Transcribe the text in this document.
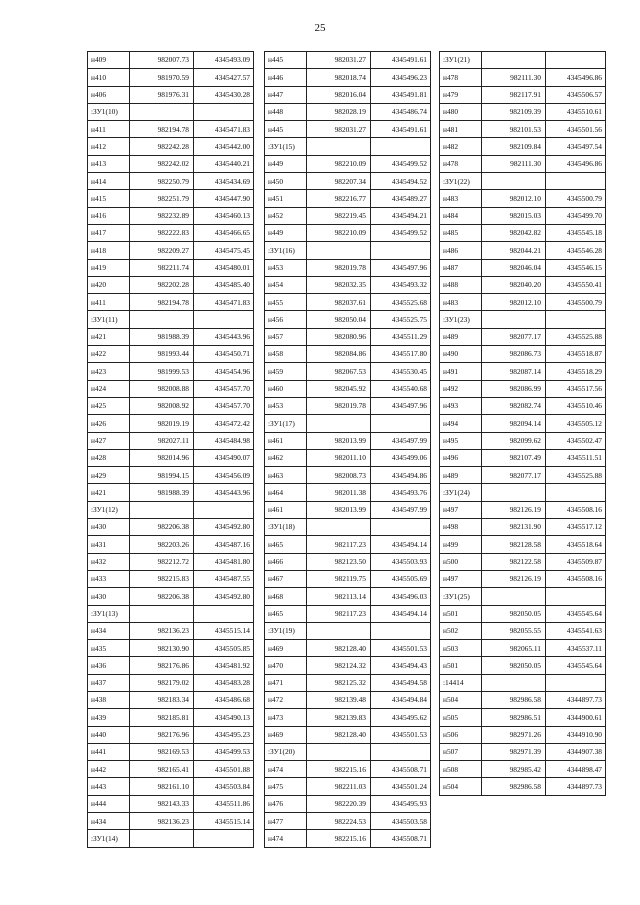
25
н409	982007.73	4345493.09
н410	981970.59	4345427.57
н406	981976.31	4345430.28
:ЗУ1(10)		
н411	982194.78	4345471.83
н412	982242.28	4345442.00
н413	982242.02	4345440.21
н414	982250.79	4345434.69
н415	982251.79	4345447.90
н416	982232.89	4345460.13
н417	982222.83	4345466.65
н418	982209.27	4345475.45
н419	982211.74	4345480.01
н420	982202.28	4345485.40
н411	982194.78	4345471.83
:ЗУ1(11)		
н421	981988.39	4345443.96
н422	981993.44	4345450.71
н423	981999.53	4345454.96
н424	982008.88	4345457.70
н425	982008.92	4345457.70
н426	982019.19	4345472.42
н427	982027.11	4345484.98
н428	982014.96	4345490.07
н429	981994.15	4345456.09
н421	981988.39	4345443.96
:ЗУ1(12)		
н430	982206.38	4345492.80
н431	982203.26	4345487.16
н432	982212.72	4345481.80
н433	982215.83	4345487.55
н430	982206.38	4345492.80
:ЗУ1(13)		
н434	982136.23	4345515.14
н435	982130.90	4345505.85
н436	982176.86	4345481.92
н437	982179.02	4345483.28
н438	982183.34	4345486.68
н439	982185.81	4345490.13
н440	982176.96	4345495.23
н441	982169.53	4345499.53
н442	982165.41	4345501.88
н443	982161.10	4345503.84
н444	982143.33	4345511.86
н434	982136.23	4345515.14
:ЗУ1(14)		
н445	982031.27	4345491.61
н446	982018.74	4345496.23
н447	982016.04	4345491.81
н448	982028.19	4345486.74
н445	982031.27	4345491.61
:ЗУ1(15)		
н449	982210.09	4345499.52
н450	982207.34	4345494.52
н451	982216.77	4345489.27
н452	982219.45	4345494.21
н449	982210.09	4345499.52
:ЗУ1(16)		
н453	982019.78	4345497.96
н454	982032.35	4345493.32
н455	982037.61	4345525.68
н456	982050.04	4345525.75
н457	982080.96	4345511.29
н458	982084.86	4345517.80
н459	982067.53	4345530.45
н460	982045.92	4345540.68
н453	982019.78	4345497.96
:ЗУ1(17)		
н461	982013.99	4345497.99
н462	982011.10	4345499.06
н463	982008.73	4345494.86
н464	982011.38	4345493.76
н461	982013.99	4345497.99
:ЗУ1(18)		
н465	982117.23	4345494.14
н466	982123.50	4345503.93
н467	982119.75	4345505.69
н468	982113.14	4345496.03
н465	982117.23	4345494.14
:ЗУ1(19)		
н469	982128.40	4345501.53
н470	982124.32	4345494.43
н471	982125.32	4345494.58
н472	982139.48	4345494.84
н473	982139.83	4345495.62
н469	982128.40	4345501.53
:ЗУ1(20)		
н474	982215.16	4345508.71
н475	982211.03	4345501.24
н476	982220.39	4345495.93
н477	982224.53	4345503.58
н474	982215.16	4345508.71
:ЗУ1(21)		
н478	982111.30	4345496.86
н479	982117.91	4345506.57
н480	982109.39	4345510.61
н481	982101.53	4345501.56
н482	982109.84	4345497.54
н478	982111.30	4345496.86
:ЗУ1(22)		
н483	982012.10	4345500.79
н484	982015.03	4345499.70
н485	982042.82	4345545.18
н486	982044.21	4345546.28
н487	982046.04	4345546.15
н488	982040.20	4345550.41
н483	982012.10	4345500.79
:ЗУ1(23)		
н489	982077.17	4345525.88
н490	982086.73	4345518.87
н491	982087.14	4345518.29
н492	982086.99	4345517.56
н493	982082.74	4345510.46
н494	982094.14	4345505.12
н495	982099.62	4345502.47
н496	982107.49	4345511.51
н489	982077.17	4345525.88
:ЗУ1(24)		
н497	982126.19	4345508.16
н498	982131.90	4345517.12
н499	982128.58	4345518.64
н500	982122.58	4345509.87
н497	982126.19	4345508.16
:ЗУ1(25)		
н501	982050.05	4345545.64
н502	982055.55	4345541.63
н503	982065.11	4345537.11
н501	982050.05	4345545.64
:14414		
н504	982986.58	4344897.73
н505	982986.51	4344900.61
н506	982971.26	4344910.90
н507	982971.39	4344907.38
н508	982985.42	4344898.47
н504	982986.58	4344897.73
